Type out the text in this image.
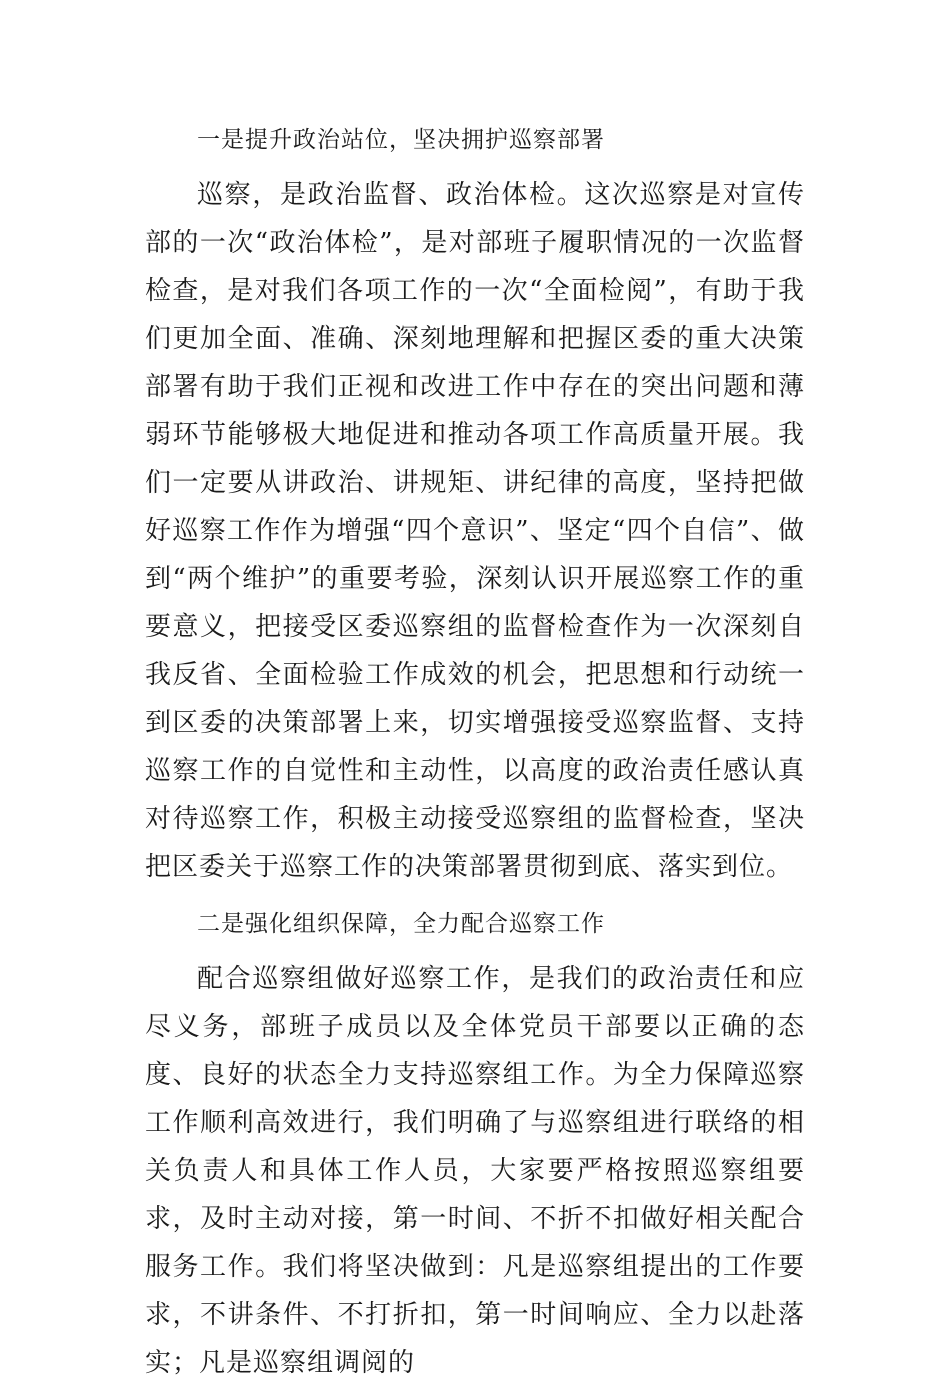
一是提升政治站位，坚决拥护巡察部署

巡察，是政治监督、政治体检。这次巡察是对宣传部的一次“政治体检”，是对部班子履职情况的一次监督检查，是对我们各项工作的一次“全面检阅”，有助于我们更加全面、准确、深刻地理解和把握区委的重大决策部署有助于我们正视和改进工作中存在的突出问题和薄弱环节能够极大地促进和推动各项工作高质量开展。我们一定要从讲政治、讲规矩、讲纪律的高度，坚持把做好巡察工作作为增强“四个意识”、坚定“四个自信”、做到“两个维护”的重要考验，深刻认识开展巡察工作的重要意义，把接受区委巡察组的监督检查作为一次深刻自我反省、全面检验工作成效的机会，把思想和行动统一到区委的决策部署上来，切实增强接受巡察监督、支持巡察工作的自觉性和主动性，以高度的政治责任感认真对待巡察工作，积极主动接受巡察组的监督检查，坚决把区委关于巡察工作的决策部署贯彻到底、落实到位。

二是强化组织保障，全力配合巡察工作

配合巡察组做好巡察工作，是我们的政治责任和应尽义务，部班子成员以及全体党员干部要以正确的态度、良好的状态全力支持巡察组工作。为全力保障巡察工作顺利高效进行，我们明确了与巡察组进行联络的相关负责人和具体工作人员，大家要严格按照巡察组要求，及时主动对接，第一时间、不折不扣做好相关配合服务工作。我们将坚决做到：凡是巡察组提出的工作要求，不讲条件、不打折扣，第一时间响应、全力以赴落实；凡是巡察组调阅的
